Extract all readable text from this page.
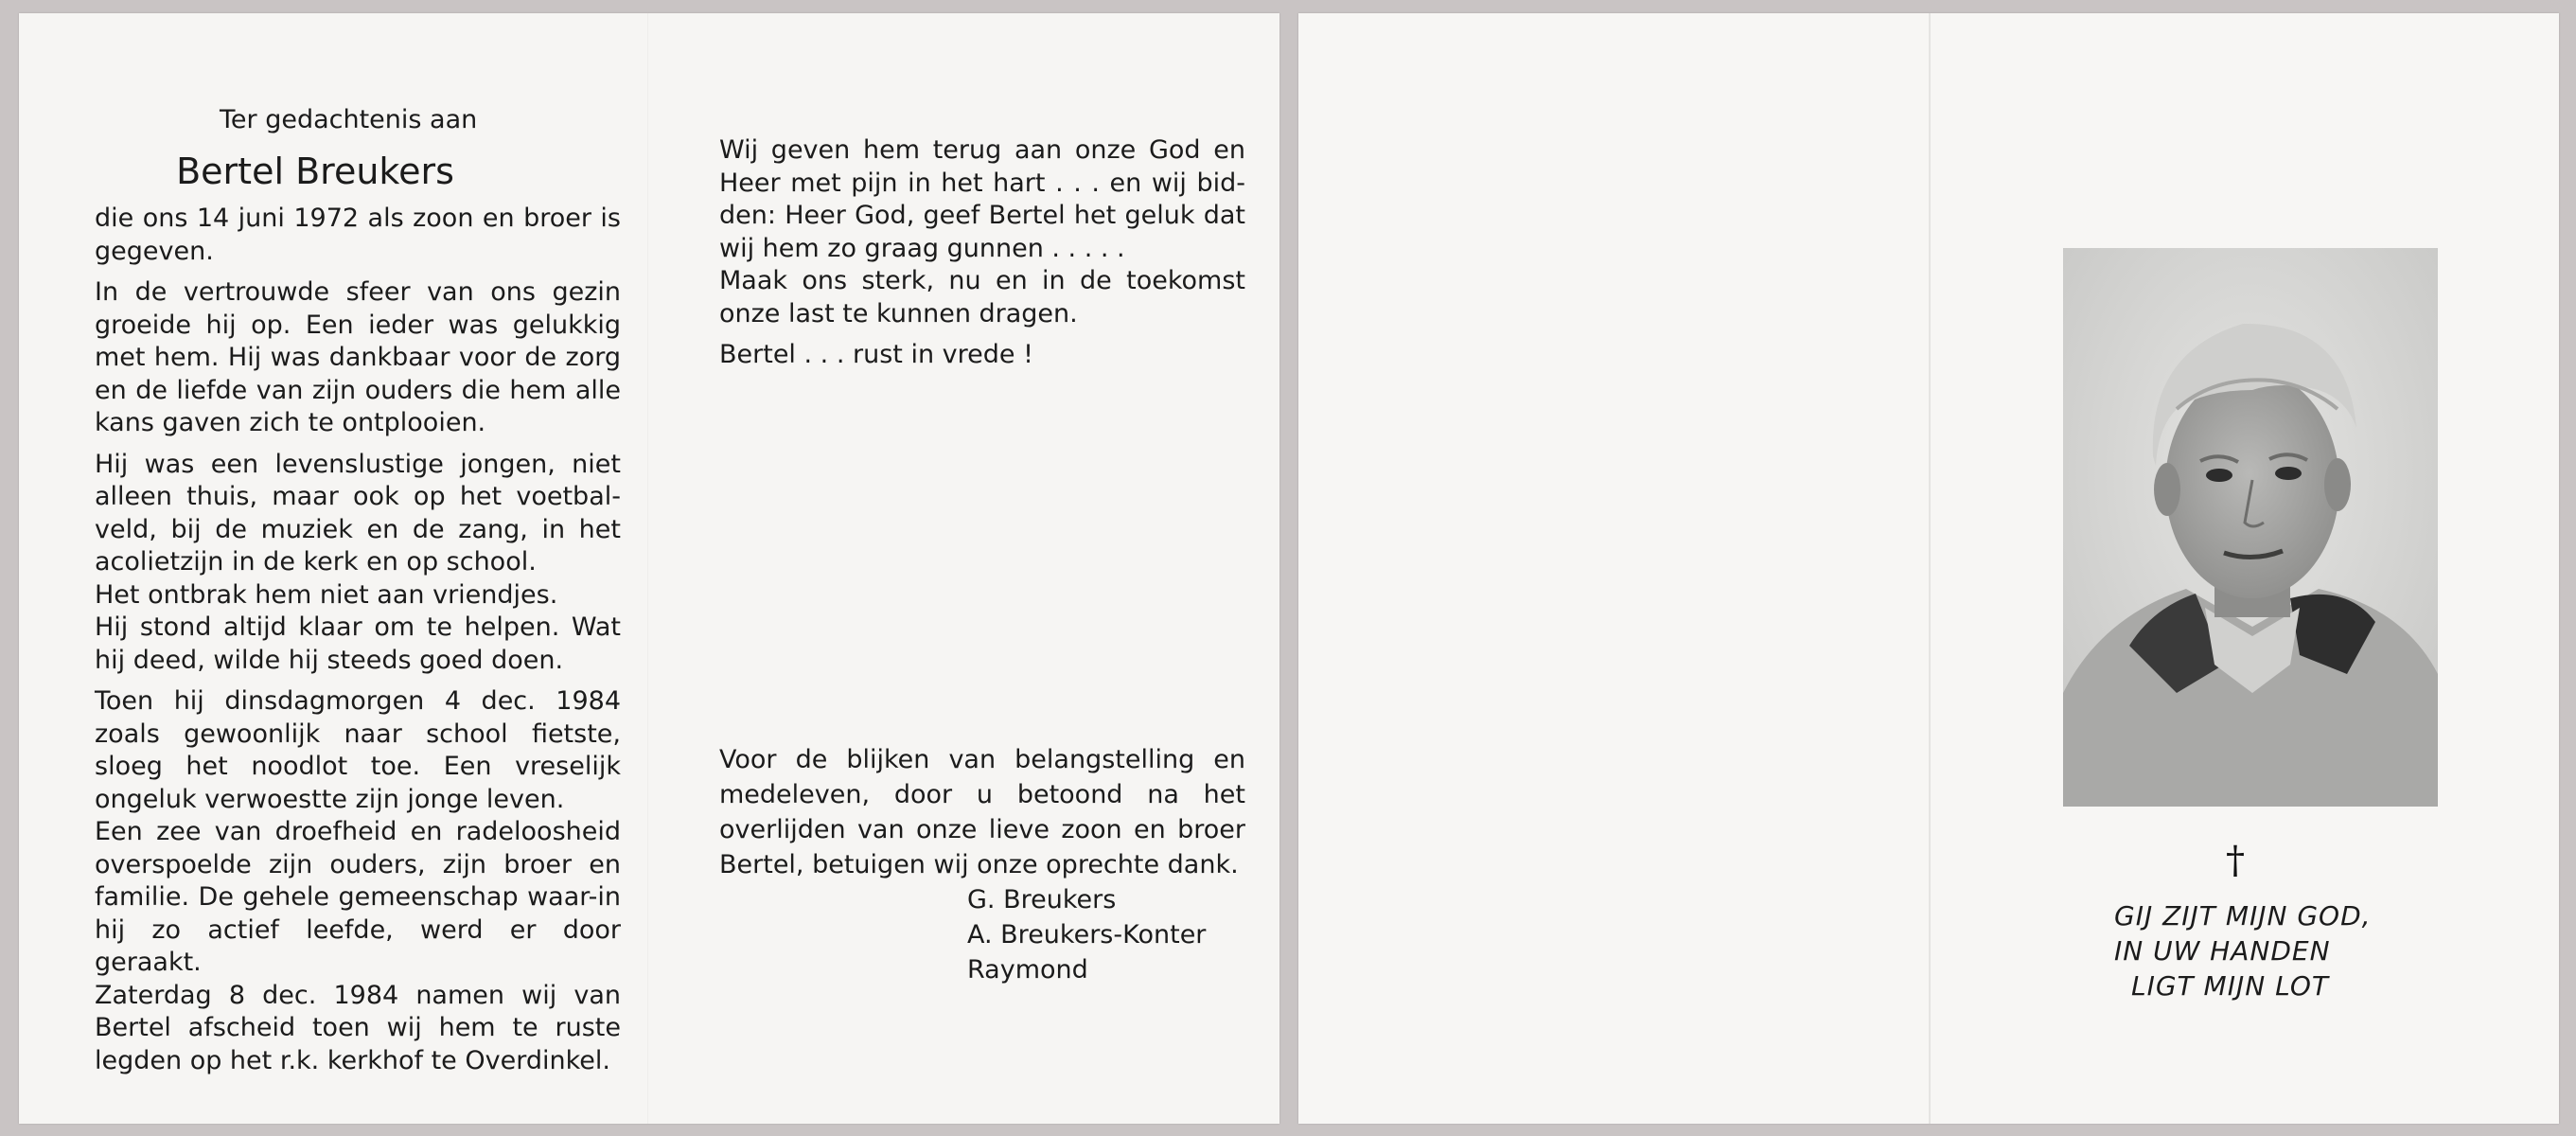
Ter gedachtenis aan
Bertel Breukers

die ons 14 juni 1972 als zoon en broer is gegeven.

In de vertrouwde sfeer van ons gezin groeide hij op. Een ieder was gelukkig met hem. Hij was dankbaar voor de zorg en de liefde van zijn ouders die hem alle kans gaven zich te ontplooien.

Hij was een levenslustige jongen, niet alleen thuis, maar ook op het voetbal-veld, bij de muziek en de zang, in het acolietzijn in de kerk en op school.

Het ontbrak hem niet aan vriendjes.

Hij stond altijd klaar om te helpen. Wat hij deed, wilde hij steeds goed doen.

Toen hij dinsdagmorgen 4 dec. 1984 zoals gewoonlijk naar school fietste, sloeg het noodlot toe. Een vreselijk ongeluk verwoestte zijn jonge leven.

Een zee van droefheid en radeloosheid overspoelde zijn ouders, zijn broer en familie. De gehele gemeenschap waar-in hij zo actief leefde, werd er door geraakt.

Zaterdag 8 dec. 1984 namen wij van Bertel afscheid toen wij hem te ruste legden op het r.k. kerkhof te Overdinkel.

Wij geven hem terug aan onze God en Heer met pijn in het hart . . . en wij bid-den: Heer God, geef Bertel het geluk dat wij hem zo graag gunnen . . . . .

Maak ons sterk, nu en in de toekomst onze last te kunnen dragen.

Bertel . . . rust in vrede !

Voor de blijken van belangstelling en medeleven, door u betoond na het overlijden van onze lieve zoon en broer Bertel, betuigen wij onze oprechte dank.

G. Breukers

A. Breukers-Konter

Raymond

†
GIJ ZIJT MIJN GOD,
IN UW HANDEN
LIGT MIJN LOT
